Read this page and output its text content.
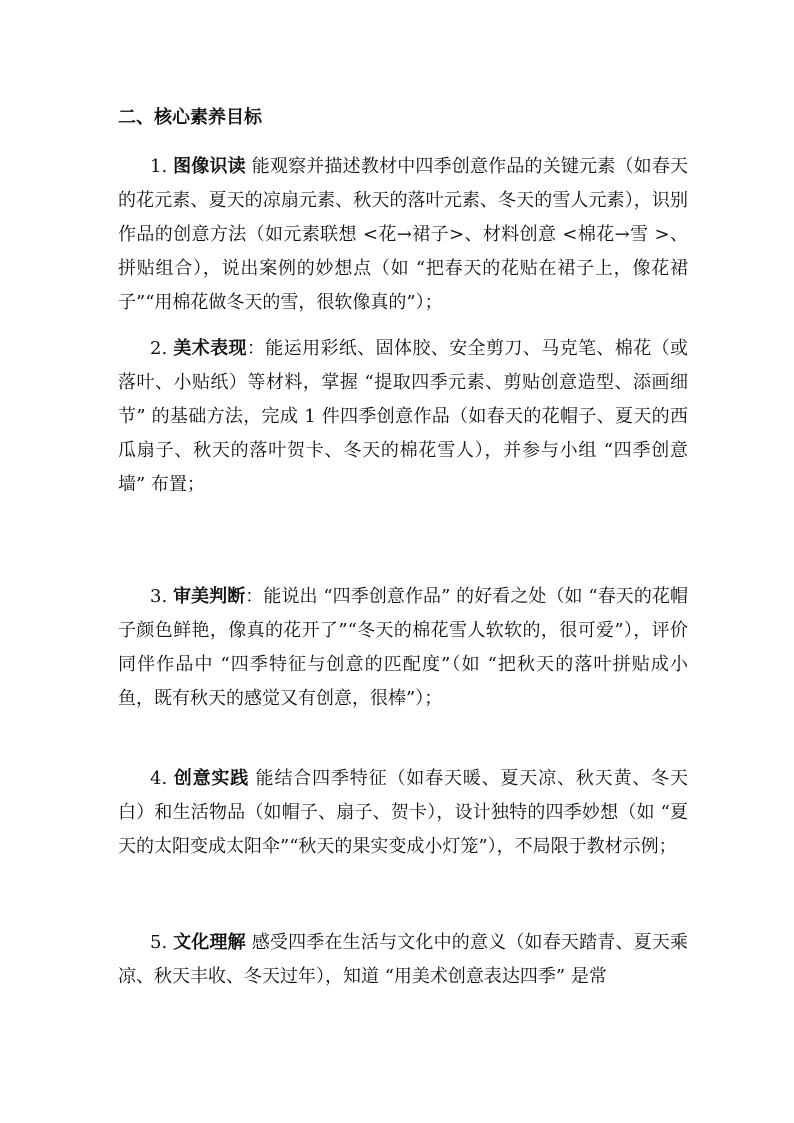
二、核心素养目标

1. 图像识读 能观察并描述教材中四季创意作品的关键元素（如春天的花元素、夏天的凉扇元素、秋天的落叶元素、冬天的雪人元素），识别作品的创意方法（如元素联想 <花→裙子>、材料创意 <棉花→雪 >、拼贴组合），说出案例的妙想点（如 “把春天的花贴在裙子上，像花裙子”“用棉花做冬天的雪，很软像真的”）；

2. 美术表现：能运用彩纸、固体胶、安全剪刀、马克笔、棉花（或落叶、小贴纸）等材料，掌握 “提取四季元素、剪贴创意造型、添画细节” 的基础方法，完成 1 件四季创意作品（如春天的花帽子、夏天的西瓜扇子、秋天的落叶贺卡、冬天的棉花雪人），并参与小组 “四季创意墙” 布置；

3. 审美判断：能说出 “四季创意作品” 的好看之处（如 “春天的花帽子颜色鲜艳，像真的花开了”“冬天的棉花雪人软软的，很可爱”），评价同伴作品中 “四季特征与创意的匹配度”（如 “把秋天的落叶拼贴成小鱼，既有秋天的感觉又有创意，很棒”）；

4. 创意实践 能结合四季特征（如春天暖、夏天凉、秋天黄、冬天白）和生活物品（如帽子、扇子、贺卡），设计独特的四季妙想（如 “夏天的太阳变成太阳伞”“秋天的果实变成小灯笼”），不局限于教材示例；

5. 文化理解 感受四季在生活与文化中的意义（如春天踏青、夏天乘凉、秋天丰收、冬天过年），知道 “用美术创意表达四季” 是常
